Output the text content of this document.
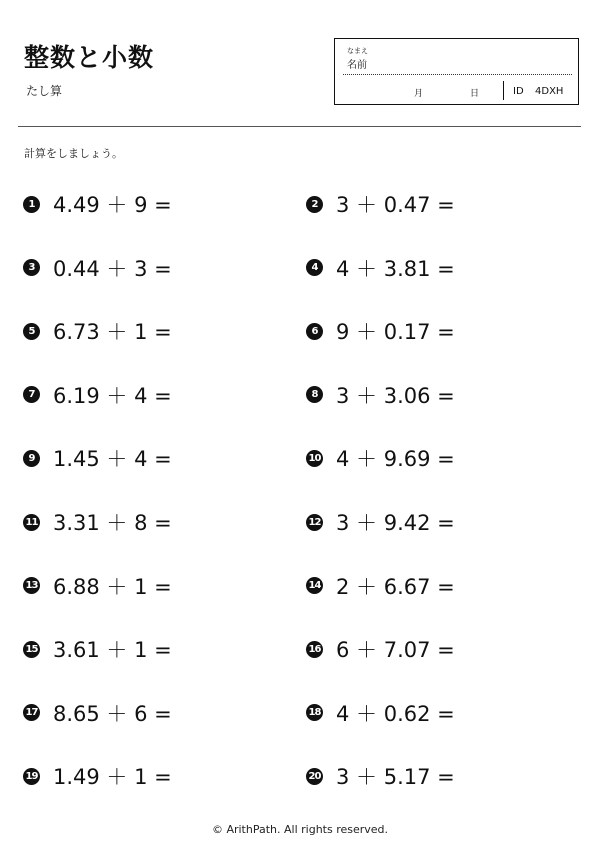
整数と小数
たし算
なまえ
名前
月	日	ID 4DXH
計算をしましょう。
1 4.49 ＋ 9 =	2 3 ＋ 0.47 =
3 0.44 ＋ 3 =	4 4 ＋ 3.81 =
5 6.73 ＋ 1 =	6 9 ＋ 0.17 =
7 6.19 ＋ 4 =	8 3 ＋ 3.06 =
9 1.45 ＋ 4 =	10 4 ＋ 9.69 =
11 3.31 ＋ 8 =	12 3 ＋ 9.42 =
13 6.88 ＋ 1 =	14 2 ＋ 6.67 =
15 3.61 ＋ 1 =	16 6 ＋ 7.07 =
17 8.65 ＋ 6 =	18 4 ＋ 0.62 =
19 1.49 ＋ 1 =	20 3 ＋ 5.17 =
© ArithPath. All rights reserved.
